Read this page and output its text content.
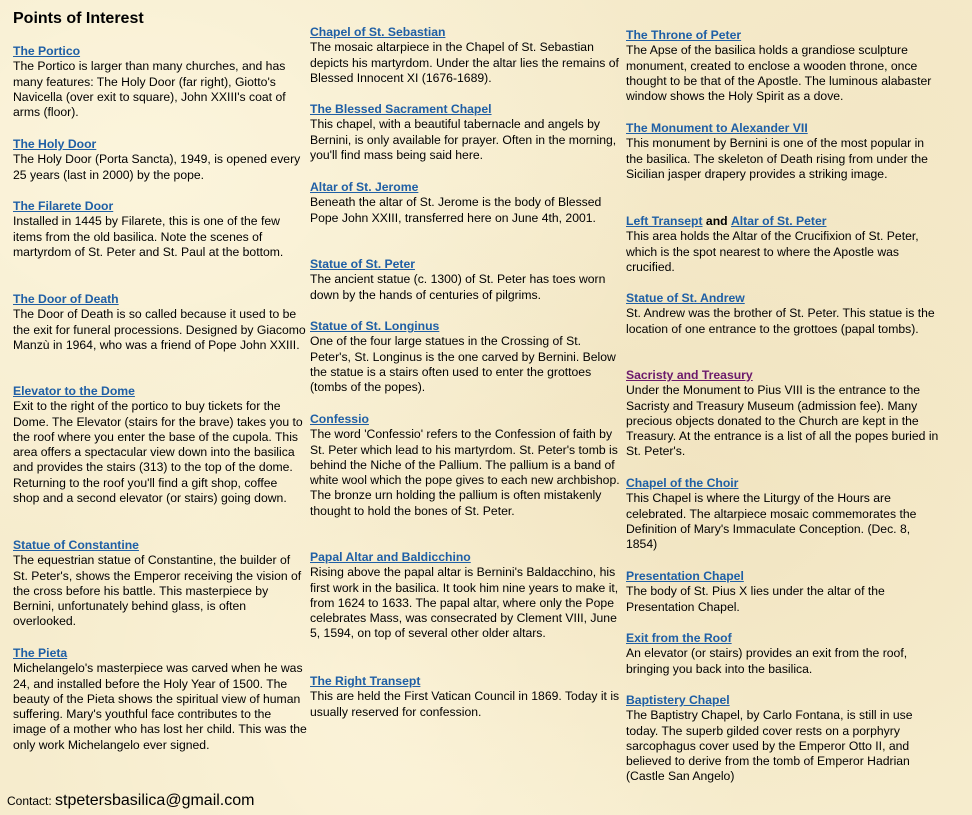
Points of Interest
The Portico
The Portico is larger than many churches, and has many features: The Holy Door (far right), Giotto's Navicella (over exit to square), John XXIII's coat of arms (floor).
The Holy Door
The Holy Door (Porta Sancta), 1949, is opened every 25 years (last in 2000) by the pope.
The Filarete Door
Installed in 1445 by Filarete, this is one of the few items from the old basilica. Note the scenes of martyrdom of St. Peter and St. Paul at the bottom.
The Door of Death
The Door of Death is so called because it used to be the exit for funeral processions. Designed by Giacomo Manzù in 1964, who was a friend of Pope John XXIII.
Elevator to the Dome
Exit to the right of the portico to buy tickets for the Dome. The Elevator (stairs for the brave) takes you to the roof where you enter the base of the cupola. This area offers a spectacular view down into the basilica and provides the stairs (313) to the top of the dome. Returning to the roof you'll find a gift shop, coffee shop and a second elevator (or stairs) going down.
Statue of Constantine
The equestrian statue of Constantine, the builder of St. Peter's, shows the Emperor receiving the vision of the cross before his battle. This masterpiece by Bernini, unfortunately behind glass, is often overlooked.
The Pieta
Michelangelo's masterpiece was carved when he was 24, and installed before the Holy Year of 1500. The beauty of the Pieta shows the spiritual view of human suffering. Mary's youthful face contributes to the image of a mother who has lost her child. This was the only work Michelangelo ever signed.
Chapel of St. Sebastian
The mosaic altarpiece in the Chapel of St. Sebastian depicts his martyrdom. Under the altar lies the remains of Blessed Innocent XI (1676-1689).
The Blessed Sacrament Chapel
This chapel, with a beautiful tabernacle and angels by Bernini, is only available for prayer. Often in the morning, you'll find mass being said here.
Altar of St. Jerome
Beneath the altar of St. Jerome is the body of Blessed Pope John XXIII, transferred here on June 4th, 2001.
Statue of St. Peter
The ancient statue (c. 1300) of St. Peter has toes worn down by the hands of centuries of pilgrims.
Statue of St. Longinus
One of the four large statues in the Crossing of St. Peter's, St. Longinus is the one carved by Bernini. Below the statue is a stairs often used to enter the grottoes (tombs of the popes).
Confessio
The word 'Confessio' refers to the Confession of faith by St. Peter which lead to his martyrdom. St. Peter's tomb is behind the Niche of the Pallium. The pallium is a band of white wool which the pope gives to each new archbishop. The bronze urn holding the pallium is often mistakenly thought to hold the bones of St. Peter.
Papal Altar and Baldicchino
Rising above the papal altar is Bernini's Baldacchino, his first work in the basilica. It took him nine years to make it, from 1624 to 1633. The papal altar, where only the Pope celebrates Mass, was consecrated by Clement VIII, June 5, 1594, on top of several other older altars.
The Right Transept
This are held the First Vatican Council in 1869. Today it is usually reserved for confession.
The Throne of Peter
The Apse of the basilica holds a grandiose sculpture monument, created to enclose a wooden throne, once thought to be that of the Apostle. The luminous alabaster window shows the Holy Spirit as a dove.
The Monument to Alexander VII
This monument by Bernini is one of the most popular in the basilica. The skeleton of Death rising from under the Sicilian jasper drapery provides a striking image.
Left Transept and Altar of St. Peter
This area holds the Altar of the Crucifixion of St. Peter, which is the spot nearest to where the Apostle was crucified.
Statue of St. Andrew
St. Andrew was the brother of St. Peter. This statue is the location of one entrance to the grottoes (papal tombs).
Sacristy and Treasury
Under the Monument to Pius VIII is the entrance to the Sacristy and Treasury Museum (admission fee). Many precious objects donated to the Church are kept in the Treasury. At the entrance is a list of all the popes buried in St. Peter's.
Chapel of the Choir
This Chapel is where the Liturgy of the Hours are celebrated. The altarpiece mosaic commemorates the Definition of Mary's Immaculate Conception. (Dec. 8, 1854)
Presentation Chapel
The body of St. Pius X lies under the altar of the Presentation Chapel.
Exit from the Roof
An elevator (or stairs) provides an exit from the roof, bringing you back into the basilica.
Baptistery Chapel
The Baptistry Chapel, by Carlo Fontana, is still in use today. The superb gilded cover rests on a porphyry sarcophagus cover used by the Emperor Otto II, and believed to derive from the tomb of Emperor Hadrian (Castle San Angelo)
Contact: stpetersbasilica@gmail.com
